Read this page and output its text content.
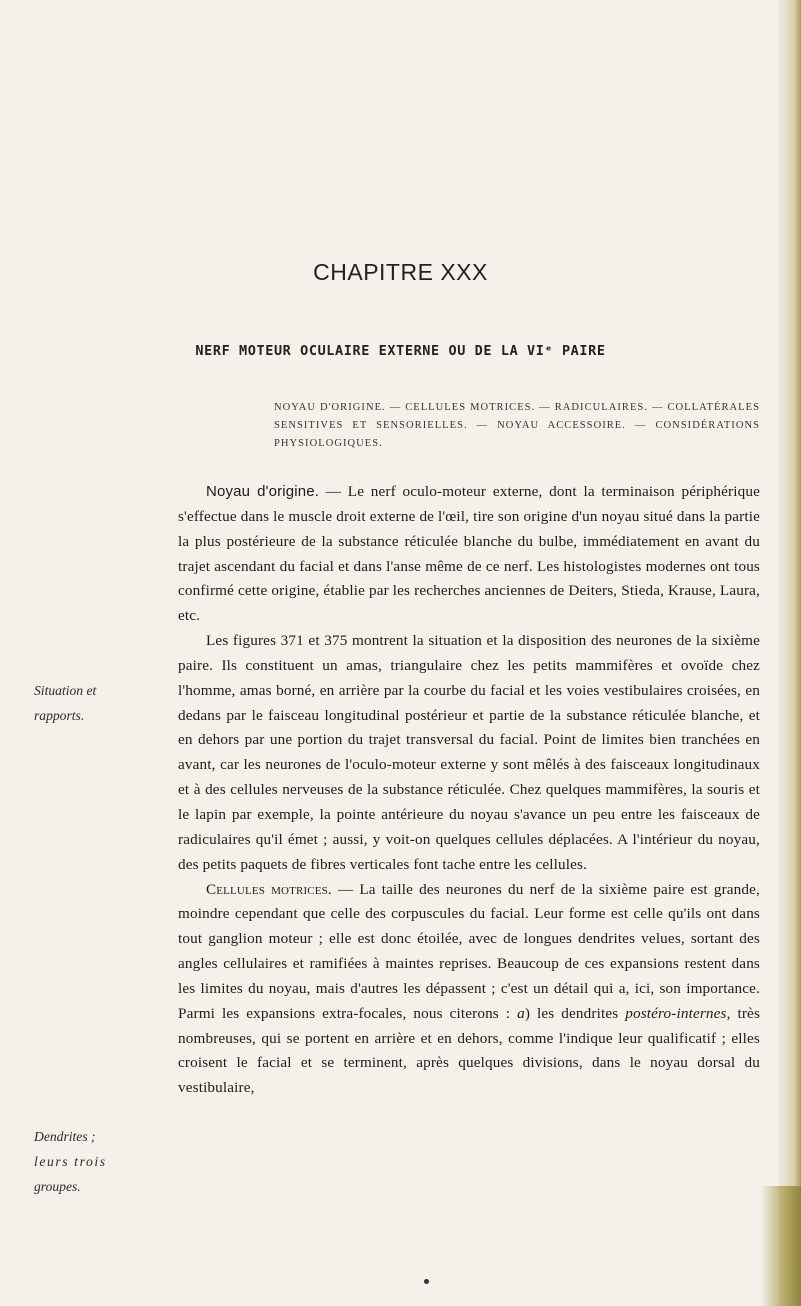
CHAPITRE XXX
NERF MOTEUR OCULAIRE EXTERNE OU DE LA VIᵉ PAIRE
NOYAU D'ORIGINE. — CELLULES MOTRICES. — RADICULAIRES. — COLLATÉRALES SENSITIVES ET SENSORIELLES. — NOYAU ACCESSOIRE. — CONSIDÉRATIONS PHYSIOLOGIQUES.
Situation et
rapports.
Dendrites ;
leurs trois
groupes.

Noyau d'origine. — Le nerf oculo-moteur externe, dont la terminaison périphérique s'effectue dans le muscle droit externe de l'œil, tire son origine d'un noyau situé dans la partie la plus postérieure de la substance réticulée blanche du bulbe, immédiatement en avant du trajet ascendant du facial et dans l'anse même de ce nerf. Les histologistes modernes ont tous confirmé cette origine, établie par les recherches anciennes de Deiters, Stieda, Krause, Laura, etc.

Les figures 371 et 375 montrent la situation et la disposition des neurones de la sixième paire. Ils constituent un amas, triangulaire chez les petits mammifères et ovoïde chez l'homme, amas borné, en arrière par la courbe du facial et les voies vestibulaires croisées, en dedans par le faisceau longitudinal postérieur et partie de la substance réticulée blanche, et en dehors par une portion du trajet transversal du facial. Point de limites bien tranchées en avant, car les neurones de l'oculo-moteur externe y sont mêlés à des faisceaux longitudinaux et à des cellules nerveuses de la substance réticulée. Chez quelques mammifères, la souris et le lapin par exemple, la pointe antérieure du noyau s'avance un peu entre les faisceaux de radiculaires qu'il émet ; aussi, y voit-on quelques cellules déplacées. A l'intérieur du noyau, des petits paquets de fibres verticales font tache entre les cellules.

Cellules motrices. — La taille des neurones du nerf de la sixième paire est grande, moindre cependant que celle des corpuscules du facial. Leur forme est celle qu'ils ont dans tout ganglion moteur ; elle est donc étoilée, avec de longues dendrites velues, sortant des angles cellulaires et ramifiées à maintes reprises. Beaucoup de ces expansions restent dans les limites du noyau, mais d'autres les dépassent ; c'est un détail qui a, ici, son importance. Parmi les expansions extra-focales, nous citerons : a) les dendrites postéro-internes, très nombreuses, qui se portent en arrière et en dehors, comme l'indique leur qualificatif ; elles croisent le facial et se terminent, après quelques divisions, dans le noyau dorsal du vestibulaire,
